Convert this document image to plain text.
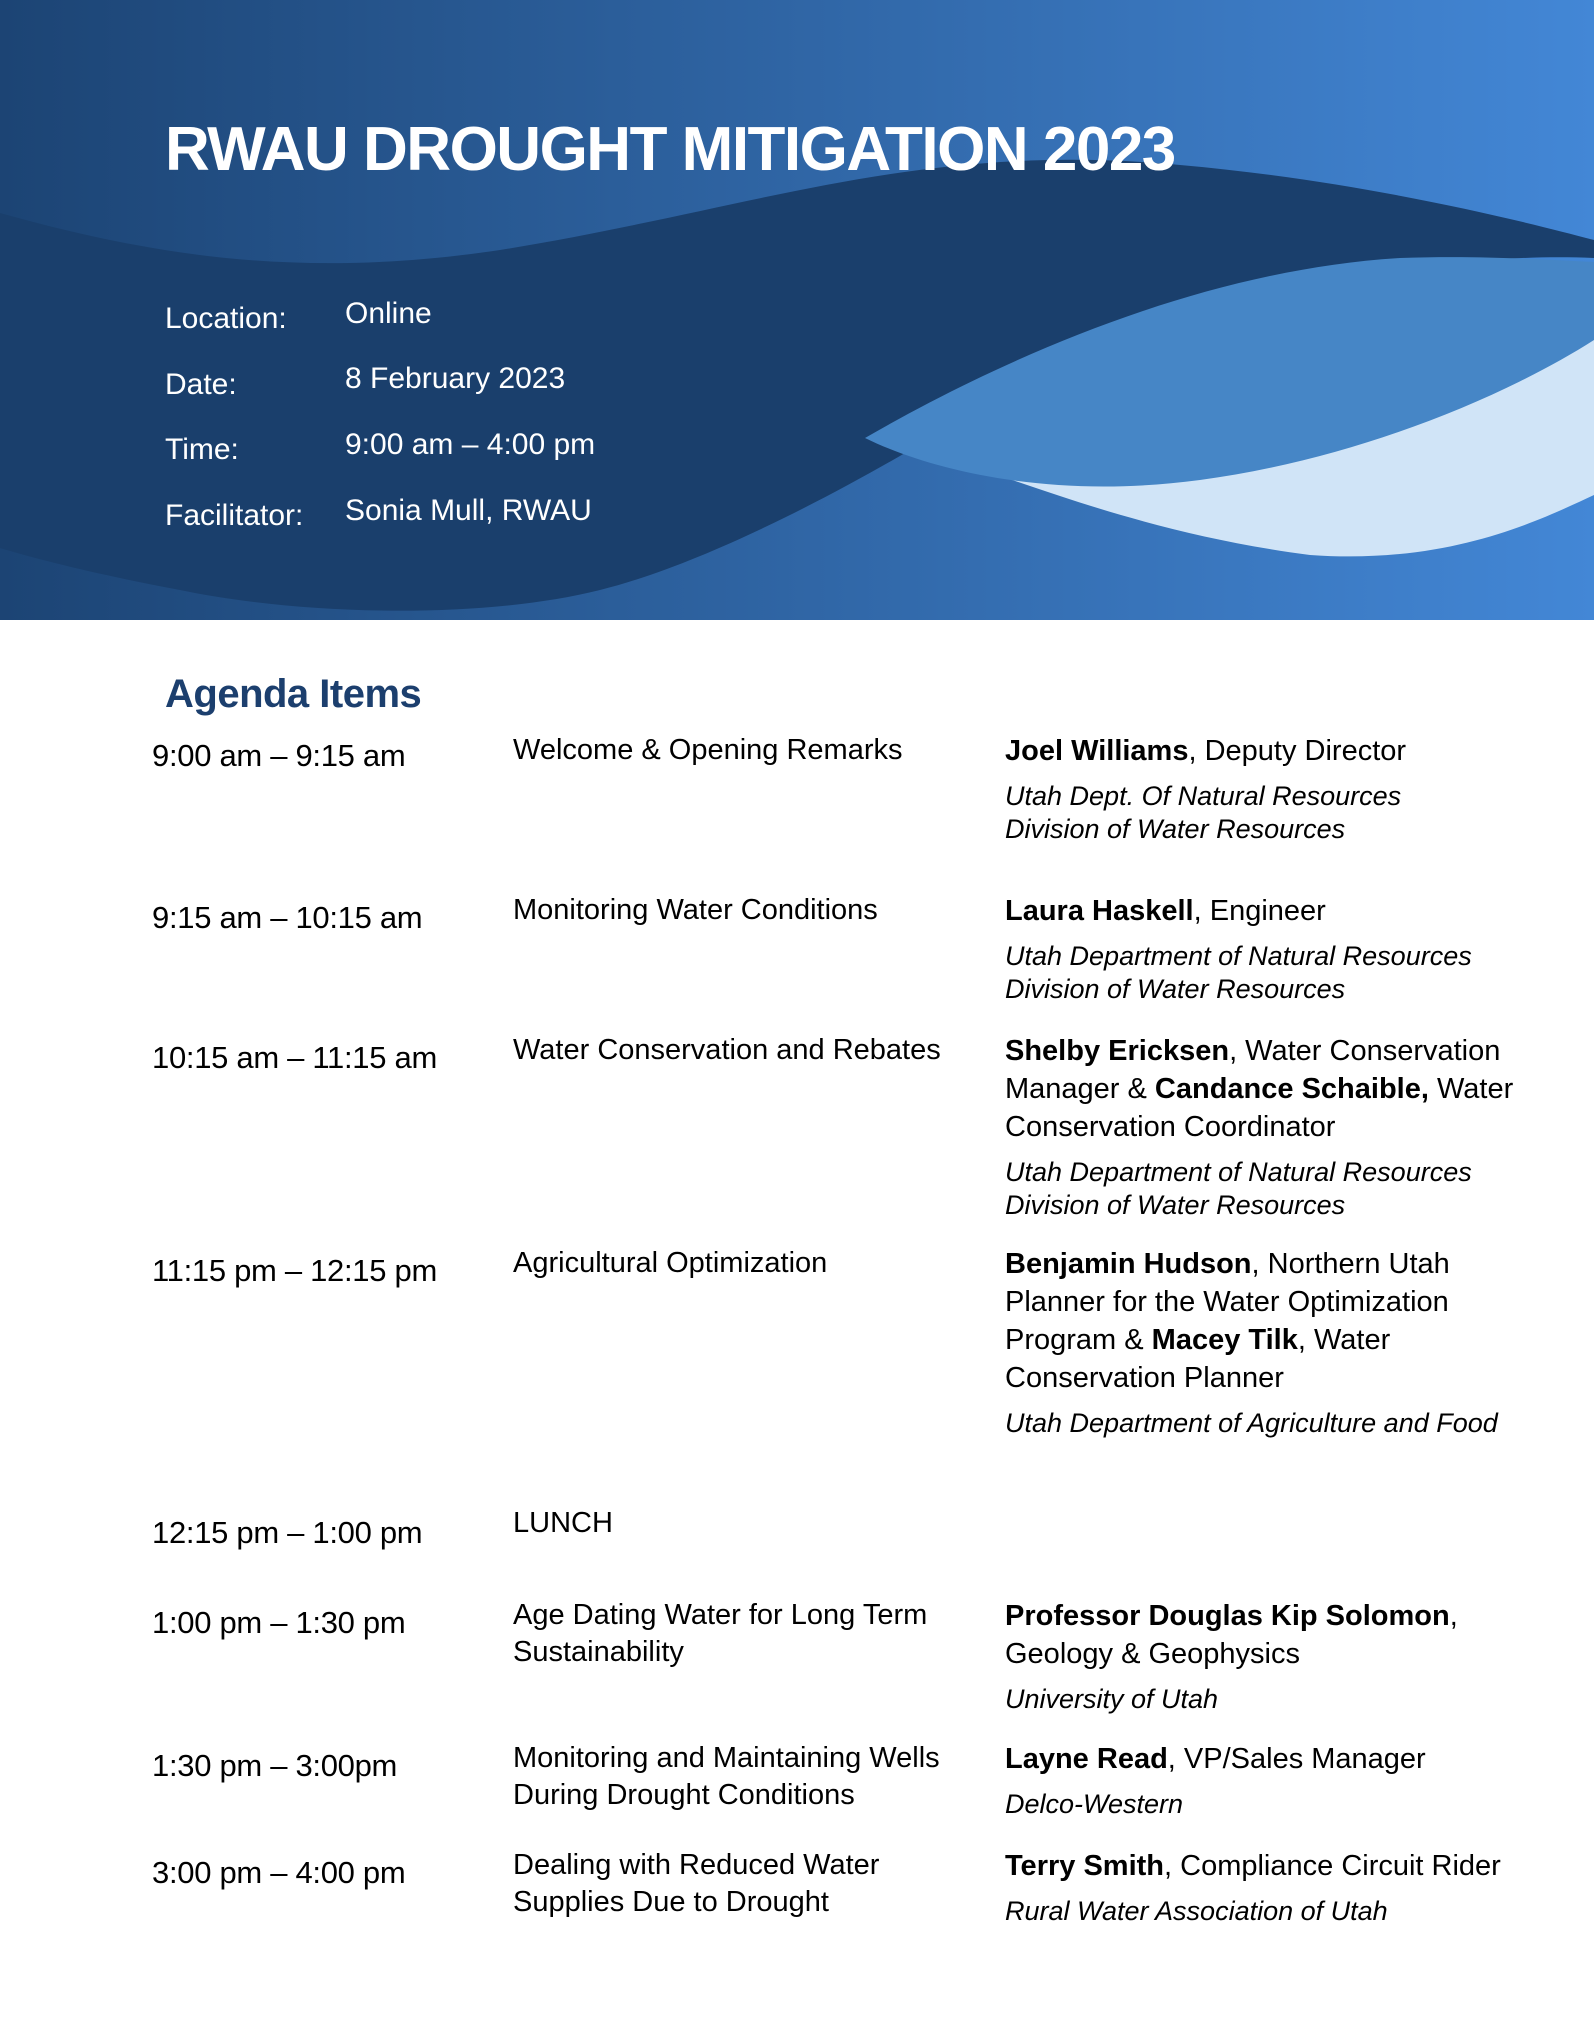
RWAU DROUGHT MITIGATION 2023
Location: Online
Date:	8 February 2023
Time:	9:00 am – 4:00 pm
Facilitator: Sonia Mull, RWAU
Agenda Items
9:00 am – 9:15 am	Welcome & Opening Remarks	Joel Williams, Deputy Director
Utah Dept. Of Natural Resources
Division of Water Resources
9:15 am – 10:15 am	Monitoring Water Conditions	Laura Haskell, Engineer
Utah Department of Natural Resources
Division of Water Resources
10:15 am – 11:15 am	Water Conservation and Rebates	Shelby Ericksen, Water Conservation Manager & Candance Schaible, Water Conservation Coordinator
Utah Department of Natural Resources
Division of Water Resources
11:15 pm – 12:15 pm	Agricultural Optimization	Benjamin Hudson, Northern Utah Planner for the Water Optimization Program & Macey Tilk, Water Conservation Planner
Utah Department of Agriculture and Food
12:15 pm – 1:00 pm	LUNCH
1:00 pm – 1:30 pm	Age Dating Water for Long Term Sustainability
Professor Douglas Kip Solomon, Geology & Geophysics
University of Utah
1:30 pm – 3:00pm	Monitoring and Maintaining Wells During Drought Conditions
Layne Read, VP/Sales Manager
Delco-Western
3:00 pm – 4:00 pm	Dealing with Reduced Water Supplies Due to Drought
Terry Smith, Compliance Circuit Rider
Rural Water Association of Utah
